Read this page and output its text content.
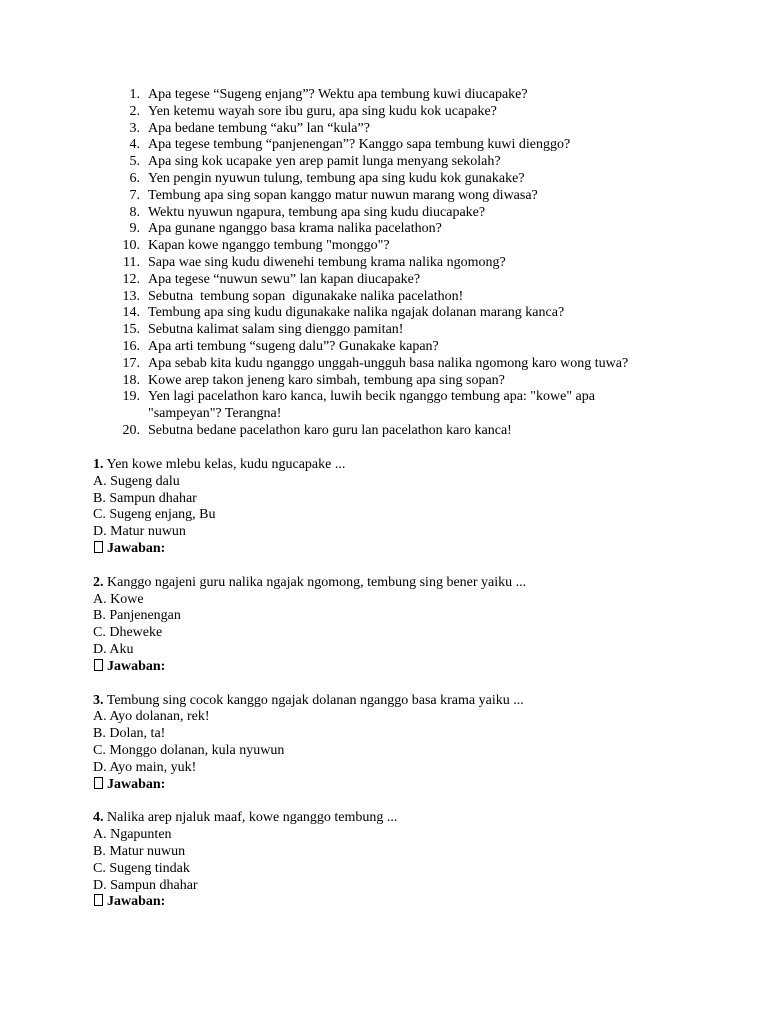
1. Apa tegese “Sugeng enjang”? Wektu apa tembung kuwi diucapake?
2. Yen ketemu wayah sore ibu guru, apa sing kudu kok ucapake?
3. Apa bedane tembung “aku” lan “kula”?
4. Apa tegese tembung “panjenengan”? Kanggo sapa tembung kuwi dienggo?
5. Apa sing kok ucapake yen arep pamit lunga menyang sekolah?
6. Yen pengin nyuwun tulung, tembung apa sing kudu kok gunakake?
7. Tembung apa sing sopan kanggo matur nuwun marang wong diwasa?
8. Wektu nyuwun ngapura, tembung apa sing kudu diucapake?
9. Apa gunane nganggo basa krama nalika pacelathon?
10. Kapan kowe nganggo tembung "monggo"?
11. Sapa wae sing kudu diwenehi tembung krama nalika ngomong?
12. Apa tegese “nuwun sewu” lan kapan diucapake?
13. Sebutna  tembung sopan  digunakake nalika pacelathon!
14. Tembung apa sing kudu digunakake nalika ngajak dolanan marang kanca?
15. Sebutna kalimat salam sing dienggo pamitan!
16. Apa arti tembung “sugeng dalu”? Gunakake kapan?
17. Apa sebab kita kudu nganggo unggah-ungguh basa nalika ngomong karo wong tuwa?
18. Kowe arep takon jeneng karo simbah, tembung apa sing sopan?
19. Yen lagi pacelathon karo kanca, luwih becik nganggo tembung apa: "kowe" apa "sampeyan"? Terangna!
20. Sebutna bedane pacelathon karo guru lan pacelathon karo kanca!
1. Yen kowe mlebu kelas, kudu ngucapake ...
A. Sugeng dalu
B. Sampun dhahar
C. Sugeng enjang, Bu
D. Matur nuwun
Jawaban:
2. Kanggo ngajeni guru nalika ngajak ngomong, tembung sing bener yaiku ...
A. Kowe
B. Panjenengan
C. Dheweke
D. Aku
Jawaban:
3. Tembung sing cocok kanggo ngajak dolanan nganggo basa krama yaiku ...
A. Ayo dolanan, rek!
B. Dolan, ta!
C. Monggo dolanan, kula nyuwun
D. Ayo main, yuk!
Jawaban:
4. Nalika arep njaluk maaf, kowe nganggo tembung ...
A. Ngapunten
B. Matur nuwun
C. Sugeng tindak
D. Sampun dhahar
Jawaban:
